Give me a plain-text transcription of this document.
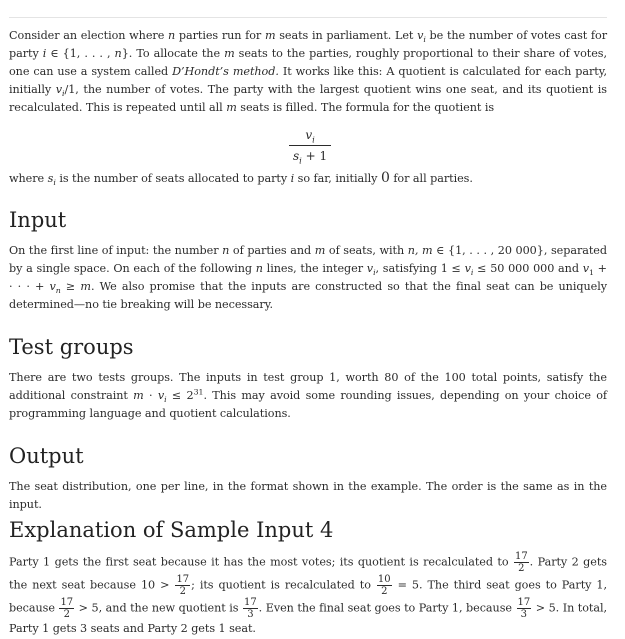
Consider an election where n parties run for m seats in parliament. Let $v_i$ be the number of votes cast for party i ∈ {1, . . . , n}. To allocate the m seats to the parties, roughly proportional to their share of votes, one can use a system called D’Hondt’s method. It works like this: A quotient is calculated for each party, initially $v_i/1$, the number of votes. The party with the largest quotient wins one seat, and its quotient is recalculated. This is repeated until all m seats is filled. The formula for the quotient is

$v_i$
$s_i + 1$

where $s_i$ is the number of seats allocated to party i so far, initially 0 for all parties.

Input

On the first line of input: the number n of parties and m of seats, with n, m ∈ {1, . . . , 20 000}, separated by a single space. On each of the following n lines, the integer $v_i$, satisfying $1 \le v_i \le 50$ 000 000 and $v_1$ + · · · + $v_n \ge m$. We also promise that the inputs are constructed so that the final seat can be uniquely determined—no tie breaking will be necessary.

Test groups

There are two tests groups. The inputs in test group 1, worth 80 of the 100 total points, satisfy the additional constraint $m \cdot v_i \le 2^{31}$. This may avoid some rounding issues, depending on your choice of programming language and quotient calculations.

Output

The seat distribution, one per line, in the format shown in the example. The order is the same as in the input.

Explanation of Sample Input 4

Party 1 gets the first seat because it has the most votes; its quotient is recalculated to $\frac{17}{2}$ . Party 2 gets the next seat because $10 > \frac{17}{2}$ ; its quotient is recalculated to $\frac{10}{2} = 5$. The third seat goes to Party 1, because $\frac{17}{2} > 5$, and the new quotient is $\frac{17}{3}$ . Even the final seat goes to Party 1, because $\frac{17}{3} > 5$. In total, Party 1 gets 3 seats and Party 2 gets 1 seat.
